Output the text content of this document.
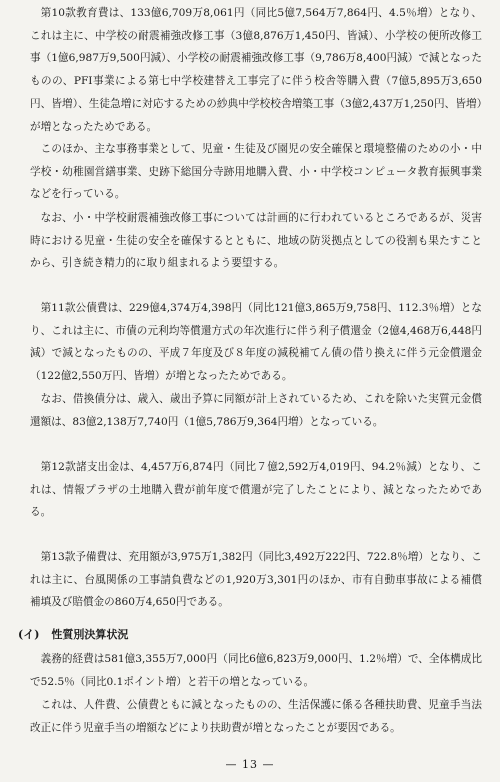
第10款教育費は、133億6,709万8,061円（同比5億7,564万7,864円、4.5％増）となり、これは主に、中学校の耐震補強改修工事（3億8,876万1,450円、皆減）、小学校の便所改修工事（1億6,987万9,500円減）、小学校の耐震補強改修工事（9,786万8,400円減）で減となったものの、PFI事業による第七中学校建替え工事完了に伴う校舎等購入費（7億5,895万3,650円、皆増）、生徒急増に対応するための紗典中学校校舎増築工事（3億2,437万1,250円、皆増）が増となったためである。

このほか、主な事務事業として、児童・生徒及び園児の安全確保と環境整備のための小・中学校・幼稚園営繕事業、史跡下総国分寺跡用地購入費、小・中学校コンピュータ教育振興事業などを行っている。

なお、小・中学校耐震補強改修工事については計画的に行われているところであるが、災害時における児童・生徒の安全を確保するとともに、地域の防災拠点としての役割も果たすことから、引き続き精力的に取り組まれるよう要望する。

第11款公債費は、229億4,374万4,398円（同比121億3,865万9,758円、112.3％増）となり、これは主に、市債の元利均等償還方式の年次進行に伴う利子償還金（2億4,468万6,448円減）で減となったものの、平成７年度及び８年度の減税補てん債の借り換えに伴う元金償還金（122億2,550万円、皆増）が増となったためである。

なお、借換債分は、歳入、歳出予算に同額が計上されているため、これを除いた実質元金償還額は、83億2,138万7,740円（1億5,786万9,364円増）となっている。

第12款諸支出金は、4,457万6,874円（同比７億2,592万4,019円、94.2％減）となり、これは、情報プラザの土地購入費が前年度で償還が完了したことにより、減となったためである。

第13款予備費は、充用額が3,975万1,382円（同比3,492万222円、722.8％増）となり、これは主に、台風関係の工事請負費などの1,920万3,301円のほか、市有自動車事故による補償補填及び賠償金の860万4,650円である。

(イ) 性質別決算状況

義務的経費は581億3,355万7,000円（同比6億6,823万9,000円、1.2％増）で、全体構成比で52.5％（同比0.1ポイント増）と若干の増となっている。

これは、人件費、公債費ともに減となったものの、生活保護に係る各種扶助費、児童手当法改正に伴う児童手当の増額などにより扶助費が増となったことが要因である。

— 13 —
